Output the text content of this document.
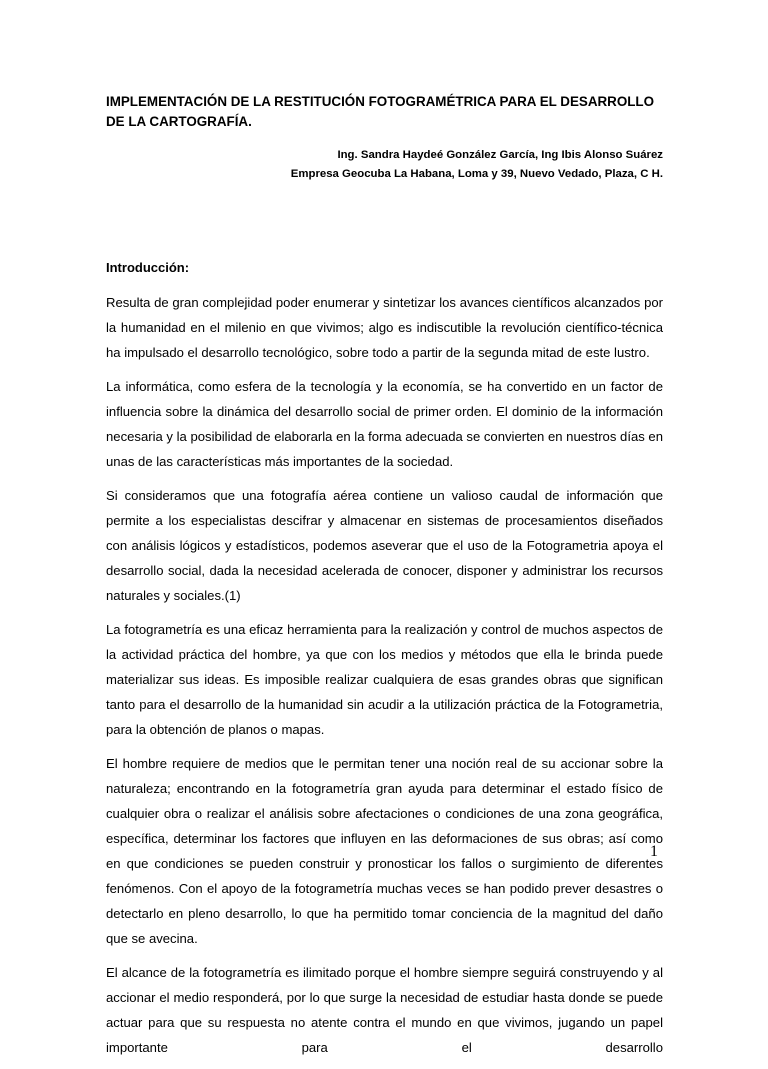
IMPLEMENTACIÓN DE LA RESTITUCIÓN FOTOGRAMÉTRICA PARA EL DESARROLLO DE LA CARTOGRAFÍA.
Ing. Sandra Haydeé González García, Ing Ibis Alonso Suárez
Empresa Geocuba La Habana, Loma y 39, Nuevo Vedado, Plaza, C H.
Introducción:

Resulta de gran complejidad poder enumerar y sintetizar los avances científicos alcanzados por la humanidad en el milenio en que vivimos; algo es indiscutible la revolución científico-técnica ha impulsado el desarrollo tecnológico, sobre todo a partir de la segunda mitad de este lustro.

La informática, como esfera de la tecnología y la economía, se ha convertido en un factor de influencia sobre la dinámica del desarrollo social de primer orden. El dominio de la información necesaria y la posibilidad de elaborarla en la forma adecuada se convierten en nuestros días en unas de las características más importantes de la sociedad.

Si consideramos que una fotografía aérea contiene un valioso caudal de información que permite a los especialistas descifrar y almacenar en sistemas de procesamientos diseñados con análisis lógicos y estadísticos, podemos aseverar que el uso de la Fotogrametria apoya el desarrollo social, dada la necesidad acelerada de conocer, disponer y administrar los recursos naturales y sociales.(1)

La fotogrametría es una eficaz herramienta para la realización y control de muchos aspectos de la actividad práctica del hombre, ya que con los medios y métodos que ella le brinda puede materializar sus ideas. Es imposible realizar cualquiera de esas grandes obras que significan tanto para el desarrollo de la humanidad sin acudir a la utilización práctica de la Fotogrametria, para la obtención de planos o mapas.

El hombre requiere de medios que le permitan tener una noción real de su accionar sobre la naturaleza; encontrando en la fotogrametría gran ayuda para determinar el estado físico de cualquier obra o realizar el análisis sobre afectaciones o condiciones de una zona geográfica, específica, determinar los factores que influyen en las deformaciones de sus obras; así como en que condiciones se pueden construir y pronosticar los fallos o surgimiento de diferentes fenómenos. Con el apoyo de la fotogrametría muchas veces se han podido prever desastres o detectarlo en pleno desarrollo, lo que ha permitido tomar conciencia de la magnitud del daño que se avecina.

El alcance de la fotogrametría es ilimitado porque el hombre siempre seguirá construyendo y al accionar el medio responderá, por lo que surge la necesidad de estudiar hasta donde se puede actuar para que su respuesta no atente contra el mundo en que vivimos, jugando un papel importante para el desarrollo

1
